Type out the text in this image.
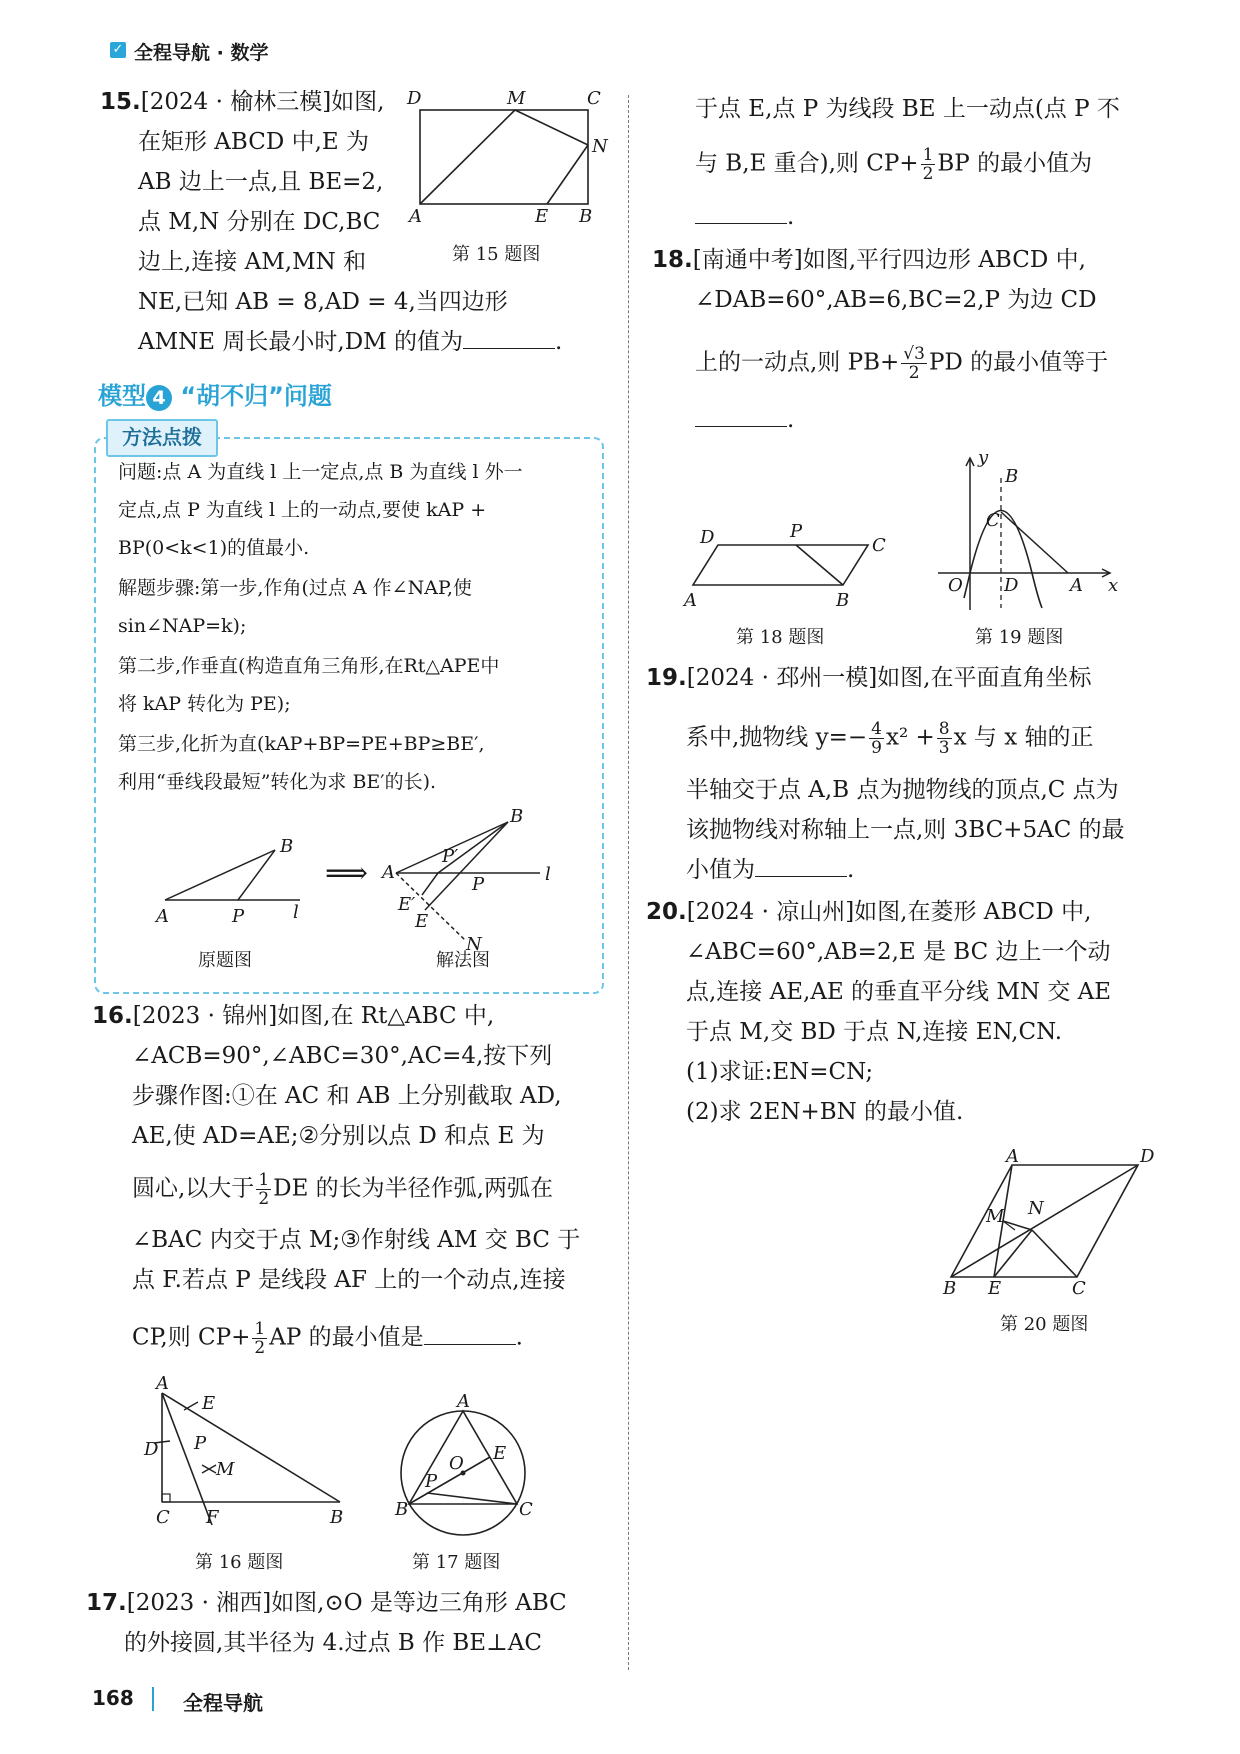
✓ 全程导航 · 数学
15.[2024 · 榆林三模]如图,
在矩形 ABCD 中,E 为
AB 边上一点,且 BE=2,
点 M,N 分别在 DC,BC
边上,连接 AM,MN 和
NE,已知 AB = 8,AD = 4,当四边形
AMNE 周长最小时,DM 的值为	.
D	M	C
N
A	E B
第 15 题图
模型 4 “胡不归”问题
方法点拨
问题:点 A 为直线 l 上一定点,点 B 为直线 l 外一
定点,点 P 为直线 l 上的一动点,要使 kAP +
BP(0<k<1)的值最小.
解题步骤:第一步,作角(过点 A 作∠NAP,使
sin∠NAP=k);
第二步,作垂直(构造直角三角形,在Rt△APE中
将 kAP 转化为 PE);
第三步,化折为直(kAP+BP=PE+BP≥BE′,
利用“垂线段最短”转化为求 BE′的长).
B
A	P	l
⟹
B
A
P′
P	l
E′
E
N
原题图	解法图
16.[2023 · 锦州]如图,在 Rt△ABC 中,
∠ACB=90°,∠ABC=30°,AC=4,按下列
步骤作图:①在 AC 和 AB 上分别截取 AD,
AE,使 AD=AE;②分别以点 D 和点 E 为
圆心,以大于 $\frac{1}{2}$ DE 的长为半径作弧,两弧在
∠BAC 内交于点 M;③作射线 AM 交 BC 于
点 F.若点 P 是线段 AF 上的一个动点,连接
CP,则 $CP+ \frac{1}{2}$ AP 的最小值是	.
A
E
D P
M
C F	B
第 16 题图
A
E
O
P
B	C
第 17 题图
17.[2023 · 湘西]如图,⊙O 是等边三角形 ABC
的外接圆,其半径为 4.过点 B 作 BE⊥AC
于点 E,点 P 为线段 BE 上一动点(点 P 不
与 B,E 重合),则 $CP+ \frac{1}{2}$ BP 的最小值为
.
18.[南通中考]如图,平行四边形 ABCD 中,
∠DAB=60°,AB=6,BC=2,P 为边 CD
上的一动点,则 $PB+ \frac{√3}{2}$ PD 的最小值等于
.
D	P
C
A	B
第 18 题图
y
B
C
O D	A x
第 19 题图
19.[2024 · 邳州一模]如图,在平面直角坐标
系中,抛物线 $y=- \frac{4}{9} x^2 + \frac{8}{3}$ x 与 x 轴的正
半轴交于点 A,B 点为抛物线的顶点,C 点为
该抛物线对称轴上一点,则 3BC+5AC 的最
小值为	.
20.[2024 · 凉山州]如图,在菱形 ABCD 中,
∠ABC=60°,AB=2,E 是 BC 边上一个动
点,连接 AE,AE 的垂直平分线 MN 交 AE
于点 M,交 BD 于点 N,连接 EN,CN.
(1)求证:EN=CN;
(2)求 2EN+BN 的最小值.
A	D
M N
B E	C
第 20 题图
168 全程导航
